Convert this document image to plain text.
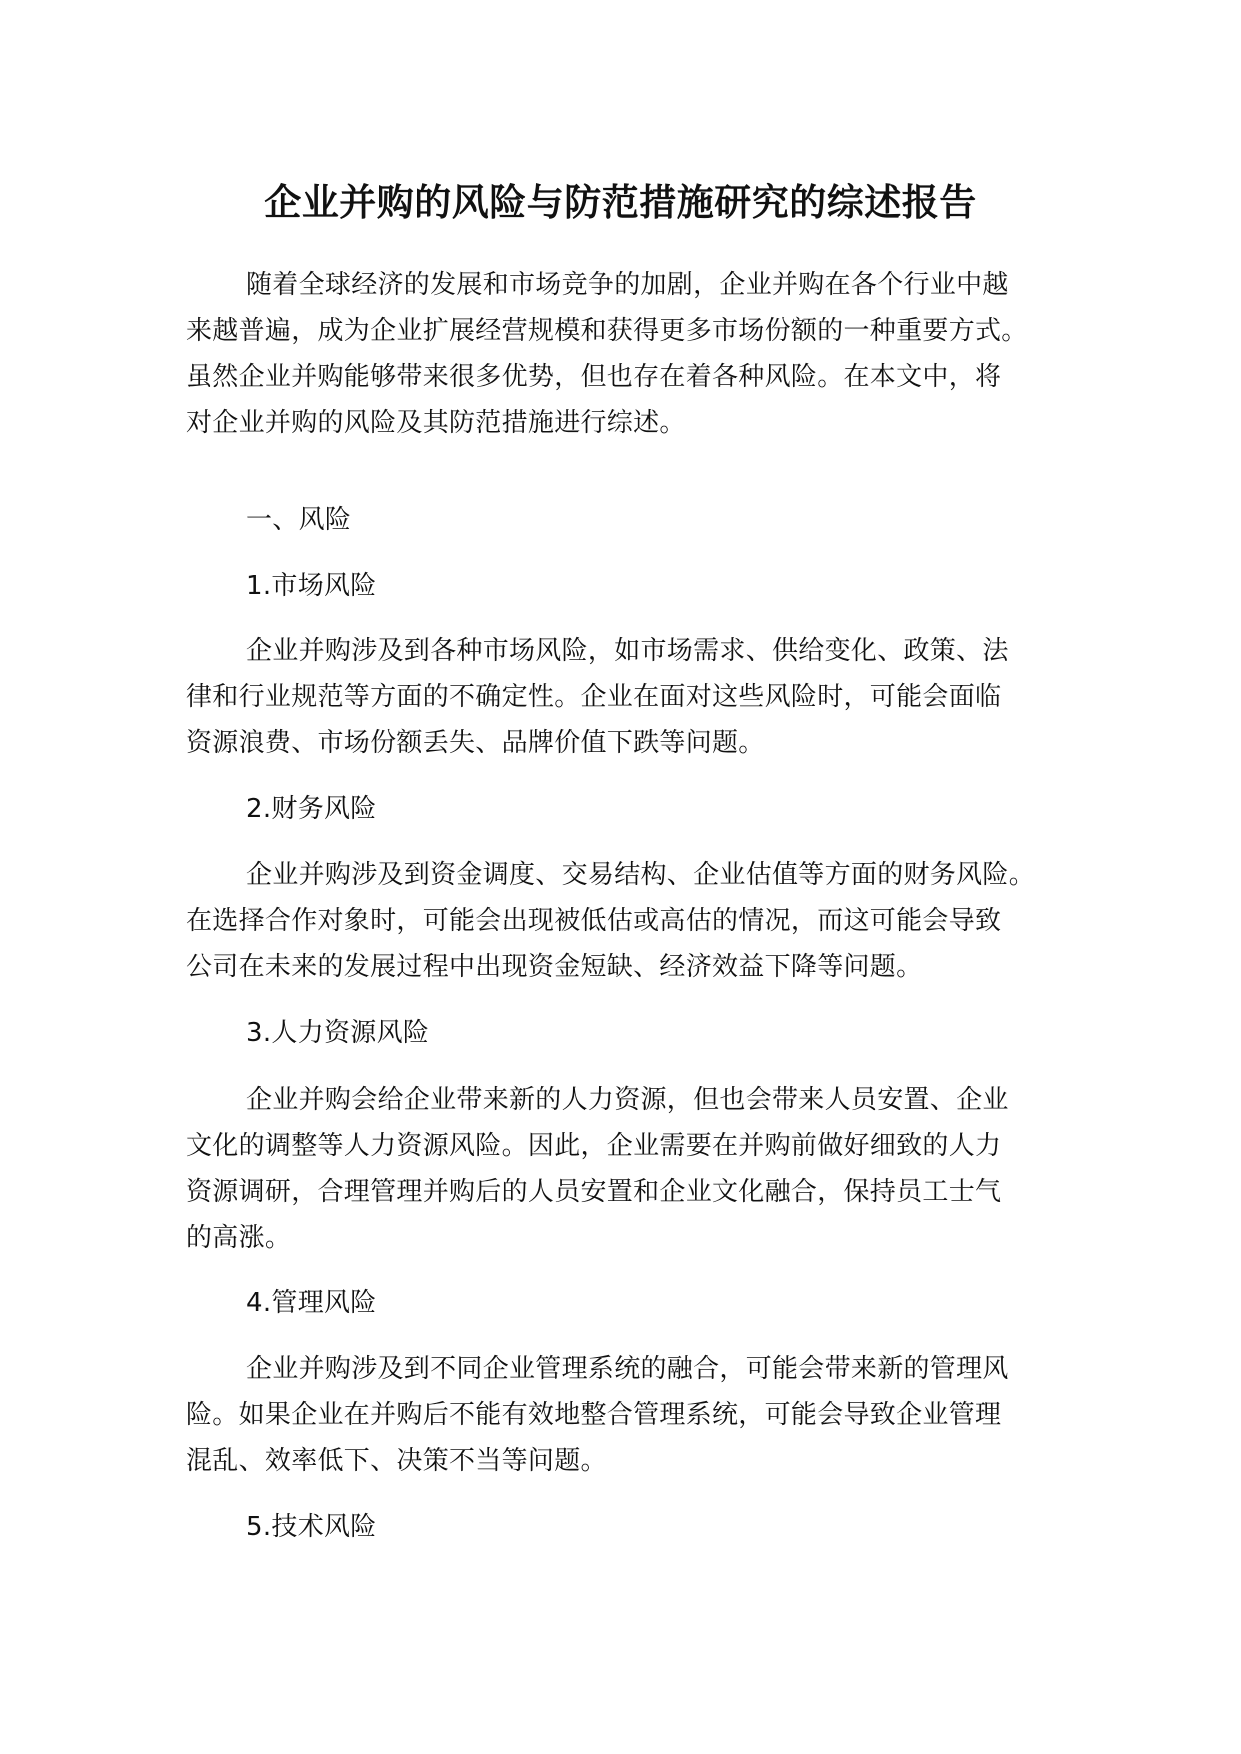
企业并购的风险与防范措施研究的综述报告
随着全球经济的发展和市场竞争的加剧，企业并购在各个行业中越
来越普遍，成为企业扩展经营规模和获得更多市场份额的一种重要方式。
虽然企业并购能够带来很多优势，但也存在着各种风险。在本文中，将
对企业并购的风险及其防范措施进行综述。
一、风险
1.市场风险
企业并购涉及到各种市场风险，如市场需求、供给变化、政策、法
律和行业规范等方面的不确定性。企业在面对这些风险时，可能会面临
资源浪费、市场份额丢失、品牌价值下跌等问题。
2.财务风险
企业并购涉及到资金调度、交易结构、企业估值等方面的财务风险。
在选择合作对象时，可能会出现被低估或高估的情况，而这可能会导致
公司在未来的发展过程中出现资金短缺、经济效益下降等问题。
3.人力资源风险
企业并购会给企业带来新的人力资源，但也会带来人员安置、企业
文化的调整等人力资源风险。因此，企业需要在并购前做好细致的人力
资源调研，合理管理并购后的人员安置和企业文化融合，保持员工士气
的高涨。
4.管理风险
企业并购涉及到不同企业管理系统的融合，可能会带来新的管理风
险。如果企业在并购后不能有效地整合管理系统，可能会导致企业管理
混乱、效率低下、决策不当等问题。
5.技术风险
